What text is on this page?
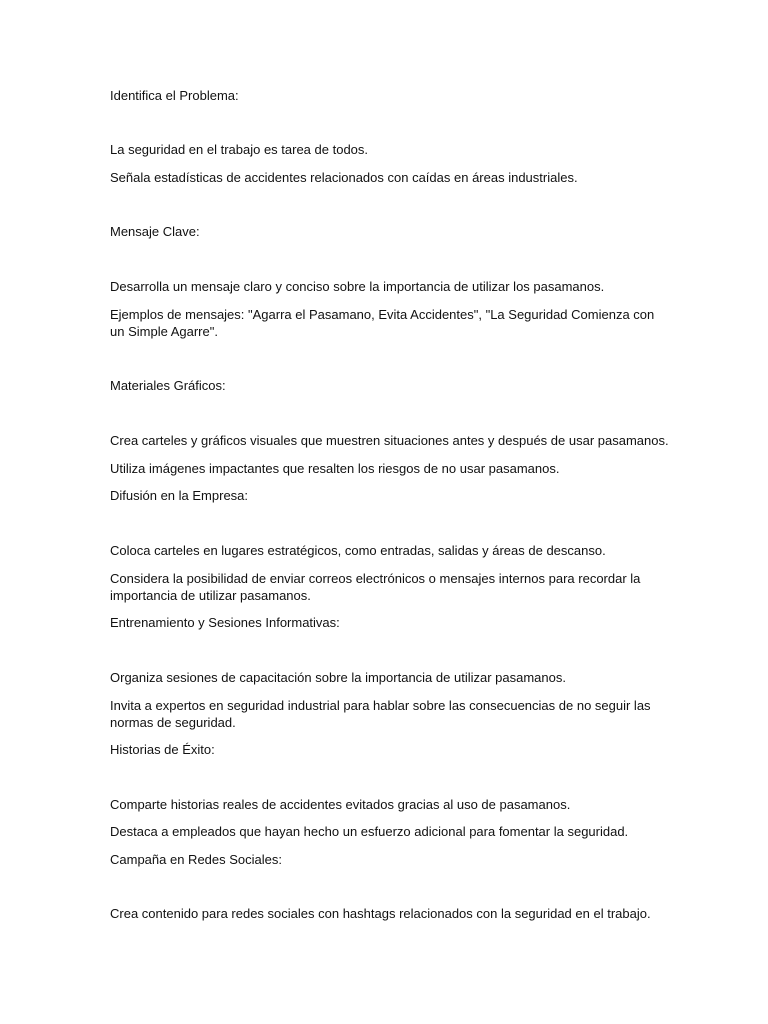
Identifica el Problema:

La seguridad en el trabajo es tarea de todos.

Señala estadísticas de accidentes relacionados con caídas en áreas industriales.

Mensaje Clave:

Desarrolla un mensaje claro y conciso sobre la importancia de utilizar los pasamanos.

Ejemplos de mensajes: "Agarra el Pasamano, Evita Accidentes", "La Seguridad Comienza con un Simple Agarre".

Materiales Gráficos:

Crea carteles y gráficos visuales que muestren situaciones antes y después de usar pasamanos.

Utiliza imágenes impactantes que resalten los riesgos de no usar pasamanos.

Difusión en la Empresa:

Coloca carteles en lugares estratégicos, como entradas, salidas y áreas de descanso.

Considera la posibilidad de enviar correos electrónicos o mensajes internos para recordar la importancia de utilizar pasamanos.

Entrenamiento y Sesiones Informativas:

Organiza sesiones de capacitación sobre la importancia de utilizar pasamanos.

Invita a expertos en seguridad industrial para hablar sobre las consecuencias de no seguir las normas de seguridad.

Historias de Éxito:

Comparte historias reales de accidentes evitados gracias al uso de pasamanos.

Destaca a empleados que hayan hecho un esfuerzo adicional para fomentar la seguridad.

Campaña en Redes Sociales:

Crea contenido para redes sociales con hashtags relacionados con la seguridad en el trabajo.
